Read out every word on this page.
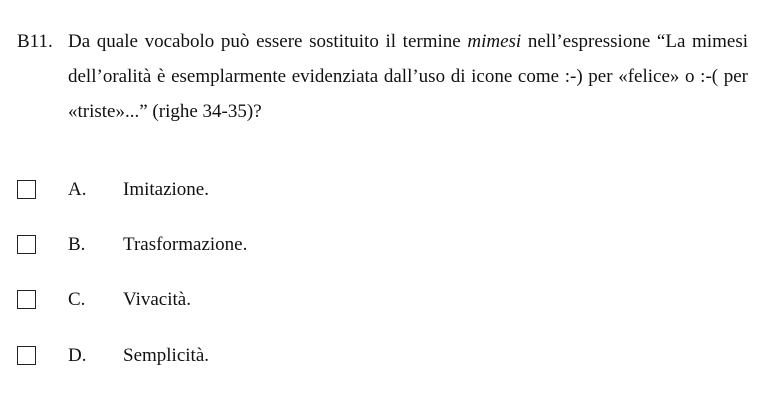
B11. Da quale vocabolo può essere sostituito il termine mimesi nell’espressione “La mimesi dell’oralità è esemplarmente evidenziata dall’uso di icone come :-) per «felice» o :-( per «triste»...” (righe 34-35)?
A. Imitazione.
B. Trasformazione.
C. Vivacità.
D. Semplicità.
